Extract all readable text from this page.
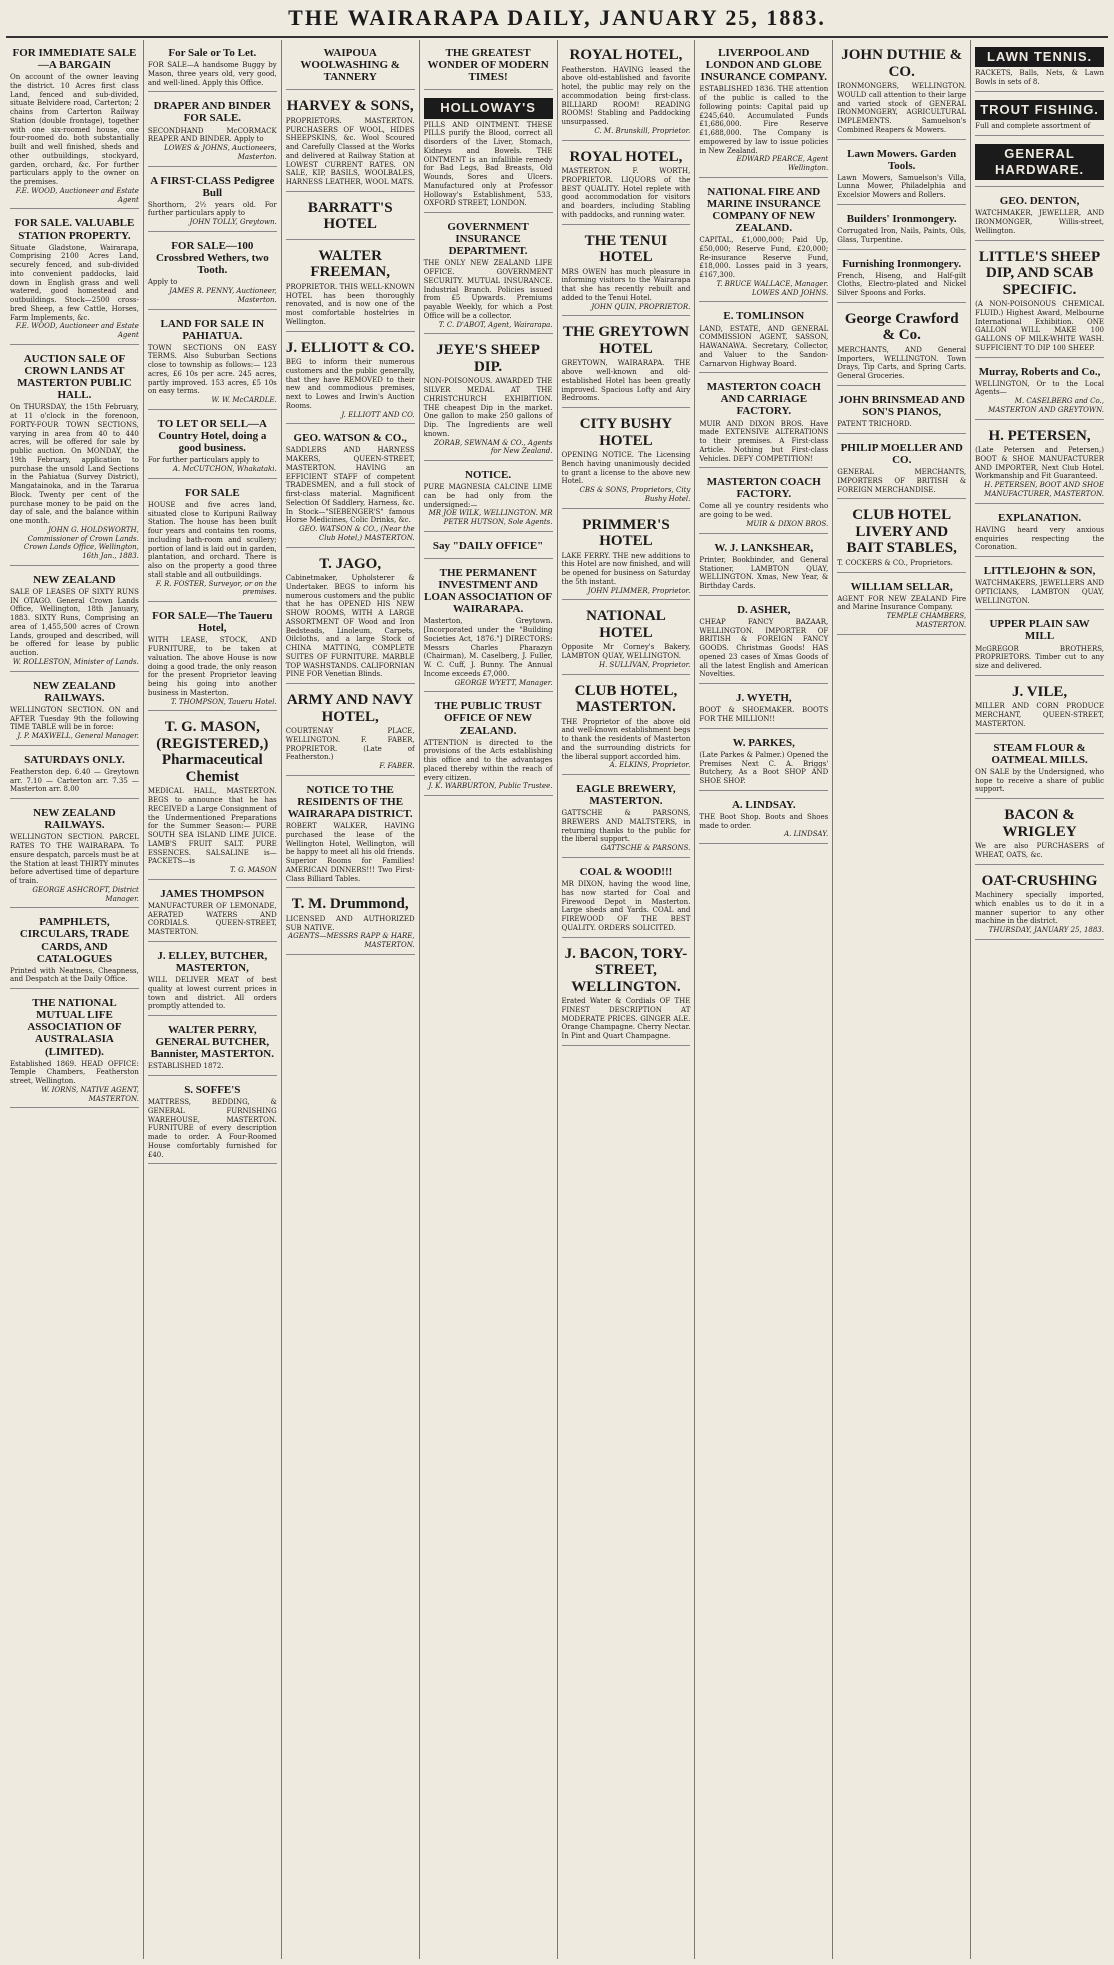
THE WAIRARAPA DAILY, JANUARY 25, 1883.
FOR IMMEDIATE SALE—A BARGAIN
On account of the owner leaving the district. 10 Acres first class Land, fenced and sub-divided, situate Belvidere road, Carterton; 2 chains from Carterton Railway Station (double frontage), together with one six-roomed house, one four-roomed do. both substantially built and well finished, sheds and other outbuildings, stockyard, garden, orchard, &c. For further particulars apply to the owner on the premises.
F.E. WOOD, Auctioneer and Estate Agent
FOR SALE. VALUABLE STATION PROPERTY.
Situate Gladstone, Wairarapa, Comprising 2100 Acres Land, securely fenced, and sub-divided into convenient paddocks, laid down in English grass and well watered, good homestead and outbuildings. Stock—2500 cross-bred Sheep, a few Cattle, Horses, Farm Implements, &c.
F.E. WOOD, Auctioneer and Estate Agent
AUCTION SALE OF CROWN LANDS AT MASTERTON PUBLIC HALL.
On THURSDAY, the 15th February, at 11 o'clock in the forenoon, FORTY-FOUR TOWN SECTIONS, varying in area from 40 to 440 acres, will be offered for sale by public auction. On MONDAY, the 19th February, application to purchase the unsold Land Sections in the Pahiatua (Survey District), Mangatainoka, and in the Tararua Block. Twenty per cent of the purchase money to be paid on the day of sale, and the balance within one month.
JOHN G. HOLDSWORTH, Commissioner of Crown Lands. Crown Lands Office, Wellington, 16th Jan., 1883.
NEW ZEALAND
SALE OF LEASES OF SIXTY RUNS IN OTAGO. General Crown Lands Office, Wellington, 18th January, 1883. SIXTY Runs, Comprising an area of 1,455,500 acres of Crown Lands, grouped and described, will be offered for lease by public auction.
W. ROLLESTON, Minister of Lands.
NEW ZEALAND RAILWAYS.
WELLINGTON SECTION. ON and AFTER Tuesday 9th the following TIME TABLE will be in force:
J. P. MAXWELL, General Manager.
SATURDAYS ONLY.
Featherston dep. 6.40 — Greytown arr. 7.10 — Carterton arr. 7.35 — Masterton arr. 8.00
NEW ZEALAND RAILWAYS.
WELLINGTON SECTION. PARCEL RATES TO THE WAIRARAPA. To ensure despatch, parcels must be at the Station at least THIRTY minutes before advertised time of departure of train.
GEORGE ASHCROFT, District Manager.
PAMPHLETS, CIRCULARS, TRADE CARDS, AND CATALOGUES
Printed with Neatness, Cheapness, and Despatch at the Daily Office.
THE NATIONAL MUTUAL LIFE ASSOCIATION OF AUSTRALASIA (LIMITED).
Established 1869. HEAD OFFICE: Temple Chambers, Featherston street, Wellington.
W. IORNS, NATIVE AGENT, MASTERTON.
For Sale or To Let.
FOR SALE—A handsome Buggy by Mason, three years old, very good, and well-lined. Apply this Office.
DRAPER AND BINDER FOR SALE.
SECONDHAND McCORMACK REAPER AND BINDER. Apply to
LOWES & JOHNS, Auctioneers, Masterton.
A FIRST-CLASS Pedigree Bull
Shorthorn, 2½ years old. For further particulars apply to
JOHN TOLLY, Greytown.
FOR SALE—100 Crossbred Wethers, two Tooth.
Apply to
JAMES R. PENNY, Auctioneer, Masterton.
LAND FOR SALE IN PAHIATUA.
TOWN SECTIONS ON EASY TERMS. Also Suburban Sections close to township as follows:— 123 acres, £6 10s per acre. 245 acres, partly improved. 153 acres, £5 10s on easy terms.
W. W. McCARDLE.
TO LET OR SELL—A Country Hotel, doing a good business.
For further particulars apply to
A. McCUTCHON, Whakataki.
FOR SALE
HOUSE and five acres land, situated close to Kuripuni Railway Station. The house has been built four years and contains ten rooms, including bath-room and scullery; portion of land is laid out in garden, plantation, and orchard. There is also on the property a good three stall stable and all outbuildings.
F. R. FOSTER, Surveyor, or on the premises.
FOR SALE—The Taueru Hotel,
WITH LEASE, STOCK, AND FURNITURE, to be taken at valuation. The above House is now doing a good trade, the only reason for the present Proprietor leaving being his going into another business in Masterton.
T. THOMPSON, Taueru Hotel.
T. G. MASON, (REGISTERED,) Pharmaceutical Chemist
MEDICAL HALL, MASTERTON. BEGS to announce that he has RECEIVED a Large Consignment of the Undermentioned Preparations for the Summer Season:— PURE SOUTH SEA ISLAND LIME JUICE. LAMB'S FRUIT SALT. PURE ESSENCES. SALSALINE is—PACKETS—is
T. G. MASON
JAMES THOMPSON
MANUFACTURER OF LEMONADE, AERATED WATERS AND CORDIALS. QUEEN-STREET, MASTERTON.
J. ELLEY, BUTCHER, MASTERTON,
WILL DELIVER MEAT of best quality at lowest current prices in town and district. All orders promptly attended to.
WALTER PERRY, GENERAL BUTCHER, Bannister, MASTERTON.
ESTABLISHED 1872.
S. SOFFE'S
MATTRESS, BEDDING, & GENERAL FURNISHING WAREHOUSE, MASTERTON. FURNITURE of every description made to order. A Four-Roomed House comfortably furnished for £40.
WAIPOUA WOOLWASHING & TANNERY
HARVEY & SONS,
PROPRIETORS. MASTERTON. PURCHASERS OF WOOL, HIDES SHEEPSKINS, &c. Wool Scoured and Carefully Classed at the Works and delivered at Railway Station at LOWEST CURRENT RATES. ON SALE, KIP, BASILS, WOOLBALES, HARNESS LEATHER, WOOL MATS.
BARRATT'S HOTEL
WALTER FREEMAN,
PROPRIETOR. THIS WELL-KNOWN HOTEL has been thoroughly renovated, and is now one of the most comfortable hostelries in Wellington.
J. ELLIOTT & CO.
BEG to inform their numerous customers and the public generally, that they have REMOVED to their new and commodious premises, next to Lowes and Irwin's Auction Rooms.
J. ELLIOTT AND CO.
GEO. WATSON & CO.,
SADDLERS AND HARNESS MAKERS, QUEEN-STREET, MASTERTON. HAVING an EFFICIENT STAFF of competent TRADESMEN, and a full stock of first-class material. Magnificent Selection Of Saddlery, Harness, &c. In Stock—"SIEBENGER'S" famous Horse Medicines, Colic Drinks, &c.
GEO. WATSON & CO., (Near the Club Hotel,) MASTERTON.
T. JAGO,
Cabinetmaker, Upholsterer & Undertaker. BEGS to inform his numerous customers and the public that he has OPENED HIS NEW SHOW ROOMS, WITH A LARGE ASSORTMENT OF Wood and Iron Bedsteads, Linoleum, Carpets, Oilcloths, and a large Stock of CHINA MATTING, COMPLETE SUITES OF FURNITURE. MARBLE TOP WASHSTANDS. CALIFORNIAN PINE FOR Venetian Blinds.
ARMY AND NAVY HOTEL,
COURTENAY PLACE, WELLINGTON. F. FABER, PROPRIETOR. (Late of Featherston.)
F. FABER.
NOTICE TO THE RESIDENTS OF THE WAIRARAPA DISTRICT.
ROBERT WALKER, HAVING purchased the lease of the Wellington Hotel, Wellington, will be happy to meet all his old friends. Superior Rooms for Families! AMERICAN DINNERS!!! Two First-Class Billiard Tables.
T. M. Drummond,
LICENSED AND AUTHORIZED SUB NATIVE.
AGENTS—MESSRS RAPP & HARE, MASTERTON.
THE GREATEST WONDER OF MODERN TIMES!
HOLLOWAY'S
PILLS AND OINTMENT. THESE PILLS purify the Blood, correct all disorders of the Liver, Stomach, Kidneys and Bowels. THE OINTMENT is an infallible remedy for Bad Legs, Bad Breasts, Old Wounds, Sores and Ulcers. Manufactured only at Professor Holloway's Establishment, 533, OXFORD STREET, LONDON.
GOVERNMENT INSURANCE DEPARTMENT.
THE ONLY NEW ZEALAND LIFE OFFICE. GOVERNMENT SECURITY. MUTUAL INSURANCE. Industrial Branch. Policies issued from £5 Upwards. Premiums payable Weekly, for which a Post Office will be a collector.
T. C. D'ABOT, Agent, Wairarapa.
JEYE'S SHEEP DIP.
NON-POISONOUS. AWARDED THE SILVER MEDAL AT THE CHRISTCHURCH EXHIBITION. THE cheapest Dip in the market. One gallon to make 250 gallons of Dip. The Ingredients are well known.
ZORAB, SEWNAM & CO., Agents for New Zealand.
NOTICE.
PURE MAGNESIA CALCINE LIME can be had only from the undersigned:—
MR JOE WILK, WELLINGTON. MR PETER HUTSON, Sole Agents.
Say "DAILY OFFICE"
THE PERMANENT INVESTMENT AND LOAN ASSOCIATION OF WAIRARAPA.
Masterton, Greytown. [Incorporated under the "Building Societies Act, 1876."] DIRECTORS: Messrs Charles Pharazyn (Chairman), M. Caselberg, J. Fuller, W. C. Cuff, J. Bunny. The Annual Income exceeds £7,000.
GEORGE WYETT, Manager.
THE PUBLIC TRUST OFFICE OF NEW ZEALAND.
ATTENTION is directed to the provisions of the Acts establishing this office and to the advantages placed thereby within the reach of every citizen.
J. K. WARBURTON, Public Trustee.
ROYAL HOTEL,
Featherston. HAVING leased the above old-established and favorite hotel, the public may rely on the accommodation being first-class. BILLIARD ROOM! READING ROOMS! Stabling and Paddocking unsurpassed.
C. M. Brunskill, Proprietor.
ROYAL HOTEL,
MASTERTON. F. WORTH, PROPRIETOR. LIQUORS of the BEST QUALITY. Hotel replete with good accommodation for visitors and boarders, including Stabling with paddocks, and running water.
THE TENUI HOTEL
MRS OWEN has much pleasure in informing visitors to the Wairarapa that she has recently rebuilt and added to the Tenui Hotel.
JOHN QUIN, PROPRIETOR.
THE GREYTOWN HOTEL
GREYTOWN, WAIRARAPA. THE above well-known and old-established Hotel has been greatly improved. Spacious Lofty and Airy Bedrooms.
CITY BUSHY HOTEL
OPENING NOTICE. The Licensing Bench having unanimously decided to grant a license to the above new Hotel.
CBS & SONS, Proprietors, City Bushy Hotel.
PRIMMER'S HOTEL
LAKE FERRY. THE new additions to this Hotel are now finished, and will be opened for business on Saturday the 5th instant.
JOHN PLIMMER, Proprietor.
NATIONAL HOTEL
Opposite Mr Corney's Bakery, LAMBTON QUAY, WELLINGTON.
H. SULLIVAN, Proprietor.
CLUB HOTEL, MASTERTON.
THE Proprietor of the above old and well-known establishment begs to thank the residents of Masterton and the surrounding districts for the liberal support accorded him.
A. ELKINS, Proprietor.
EAGLE BREWERY, MASTERTON.
GATTSCHE & PARSONS, BREWERS AND MALTSTERS, in returning thanks to the public for the liberal support.
GATTSCHE & PARSONS.
COAL & WOOD!!!
MR DIXON, having the wood line, has now started for Coal and Firewood Depot in Masterton. Large sheds and Yards. COAL and FIREWOOD OF THE BEST QUALITY. ORDERS SOLICITED.
J. BACON, TORY-STREET, WELLINGTON.
Erated Water & Cordials OF THE FINEST DESCRIPTION AT MODERATE PRICES. GINGER ALE. Orange Champagne. Cherry Nectar. In Pint and Quart Champagne.
LIVERPOOL AND LONDON AND GLOBE INSURANCE COMPANY.
ESTABLISHED 1836. THE attention of the public is called to the following points: Capital paid up £245,640. Accumulated Funds £1,686,000. Fire Reserve £1,688,000. The Company is empowered by law to issue policies in New Zealand.
EDWARD PEARCE, Agent Wellington.
NATIONAL FIRE AND MARINE INSURANCE COMPANY OF NEW ZEALAND.
CAPITAL, £1,000,000; Paid Up, £50,000; Reserve Fund, £20,000; Re-insurance Reserve Fund, £18,000. Losses paid in 3 years, £167,300.
T. BRUCE WALLACE, Manager. LOWES AND JOHNS.
E. TOMLINSON
LAND, ESTATE, AND GENERAL COMMISSION AGENT, SASSON, HAWANAWA. Secretary, Collector, and Valuer to the Sandon-Carnarvon Highway Board.
MASTERTON COACH AND CARRIAGE FACTORY.
MUIR AND DIXON BROS. Have made EXTENSIVE ALTERATIONS to their premises. A First-class Article. Nothing but First-class Vehicles. DEFY COMPETITION!
MASTERTON COACH FACTORY.
Come all ye country residents who are going to be wed.
MUIR & DIXON BROS.
W. J. LANKSHEAR,
Printer, Bookbinder, and General Stationer, LAMBTON QUAY, WELLINGTON. Xmas, New Year, & Birthday Cards.
D. ASHER,
CHEAP FANCY BAZAAR, WELLINGTON. IMPORTER OF BRITISH & FOREIGN FANCY GOODS. Christmas Goods! HAS opened 23 cases of Xmas Goods of all the latest English and American Novelties.
J. WYETH,
BOOT & SHOEMAKER. BOOTS FOR THE MILLION!!
W. PARKES,
(Late Parkes & Palmer.) Opened the Premises Next C. A. Briggs' Butchery, As a Boot SHOP AND SHOE SHOP.
A. LINDSAY.
THE Boot Shop. Boots and Shoes made to order.
A. LINDSAY.
JOHN DUTHIE & CO.
IRONMONGERS, WELLINGTON. WOULD call attention to their large and varied stock of GENERAL IRONMONGERY, AGRICULTURAL IMPLEMENTS. Samuelson's Combined Reapers & Mowers.
Lawn Mowers. Garden Tools.
Lawn Mowers, Samuelson's Villa, Lunna Mower, Philadelphia and Excelsior Mowers and Rollers.
Builders' Ironmongery.
Corrugated Iron, Nails, Paints, Oils, Glass, Turpentine.
Furnishing Ironmongery.
French, Hiseng, and Half-gilt Cloths, Electro-plated and Nickel Silver Spoons and Forks.
George Crawford & Co.
MERCHANTS, AND General Importers, WELLINGTON. Town Drays, Tip Carts, and Spring Carts. General Groceries.
JOHN BRINSMEAD AND SON'S PIANOS,
PATENT TRICHORD.
PHILIP MOELLER AND CO.
GENERAL MERCHANTS, IMPORTERS OF BRITISH & FOREIGN MERCHANDISE.
CLUB HOTEL LIVERY AND BAIT STABLES,
T. COCKERS & CO., Proprietors.
WILLIAM SELLAR,
AGENT FOR NEW ZEALAND Fire and Marine Insurance Company.
TEMPLE CHAMBERS, MASTERTON.
LAWN TENNIS.
RACKETS, Balls, Nets, & Lawn Bowls in sets of 8.
TROUT FISHING.
Full and complete assortment of
GENERAL HARDWARE.
GEO. DENTON,
WATCHMAKER, JEWELLER, AND IRONMONGER, Willis-street, Wellington.
LITTLE'S SHEEP DIP, AND SCAB SPECIFIC.
(A NON-POISONOUS CHEMICAL FLUID.) Highest Award, Melbourne International Exhibition. ONE GALLON WILL MAKE 100 GALLONS OF MILK-WHITE WASH. SUFFICIENT TO DIP 100 SHEEP.
Murray, Roberts and Co.,
WELLINGTON, Or to the Local Agents—
M. CASELBERG and Co., MASTERTON AND GREYTOWN.
H. PETERSEN,
(Late Petersen and Petersen,) BOOT & SHOE MANUFACTURER AND IMPORTER, Next Club Hotel. Workmanship and Fit Guaranteed.
H. PETERSEN, BOOT AND SHOE MANUFACTURER, MASTERTON.
EXPLANATION.
HAVING heard very anxious enquiries respecting the Coronation.
LITTLEJOHN & SON,
WATCHMAKERS, JEWELLERS AND OPTICIANS, LAMBTON QUAY, WELLINGTON.
UPPER PLAIN SAW MILL
McGREGOR BROTHERS, PROPRIETORS. Timber cut to any size and delivered.
J. VILE,
MILLER AND CORN PRODUCE MERCHANT, QUEEN-STREET, MASTERTON.
STEAM FLOUR & OATMEAL MILLS.
ON SALE by the Undersigned, who hope to receive a share of public support.
BACON & WRIGLEY
We are also PURCHASERS of WHEAT, OATS, &c.
OAT-CRUSHING
Machinery specially imported, which enables us to do it in a manner superior to any other machine in the district.
THURSDAY, JANUARY 25, 1883.
